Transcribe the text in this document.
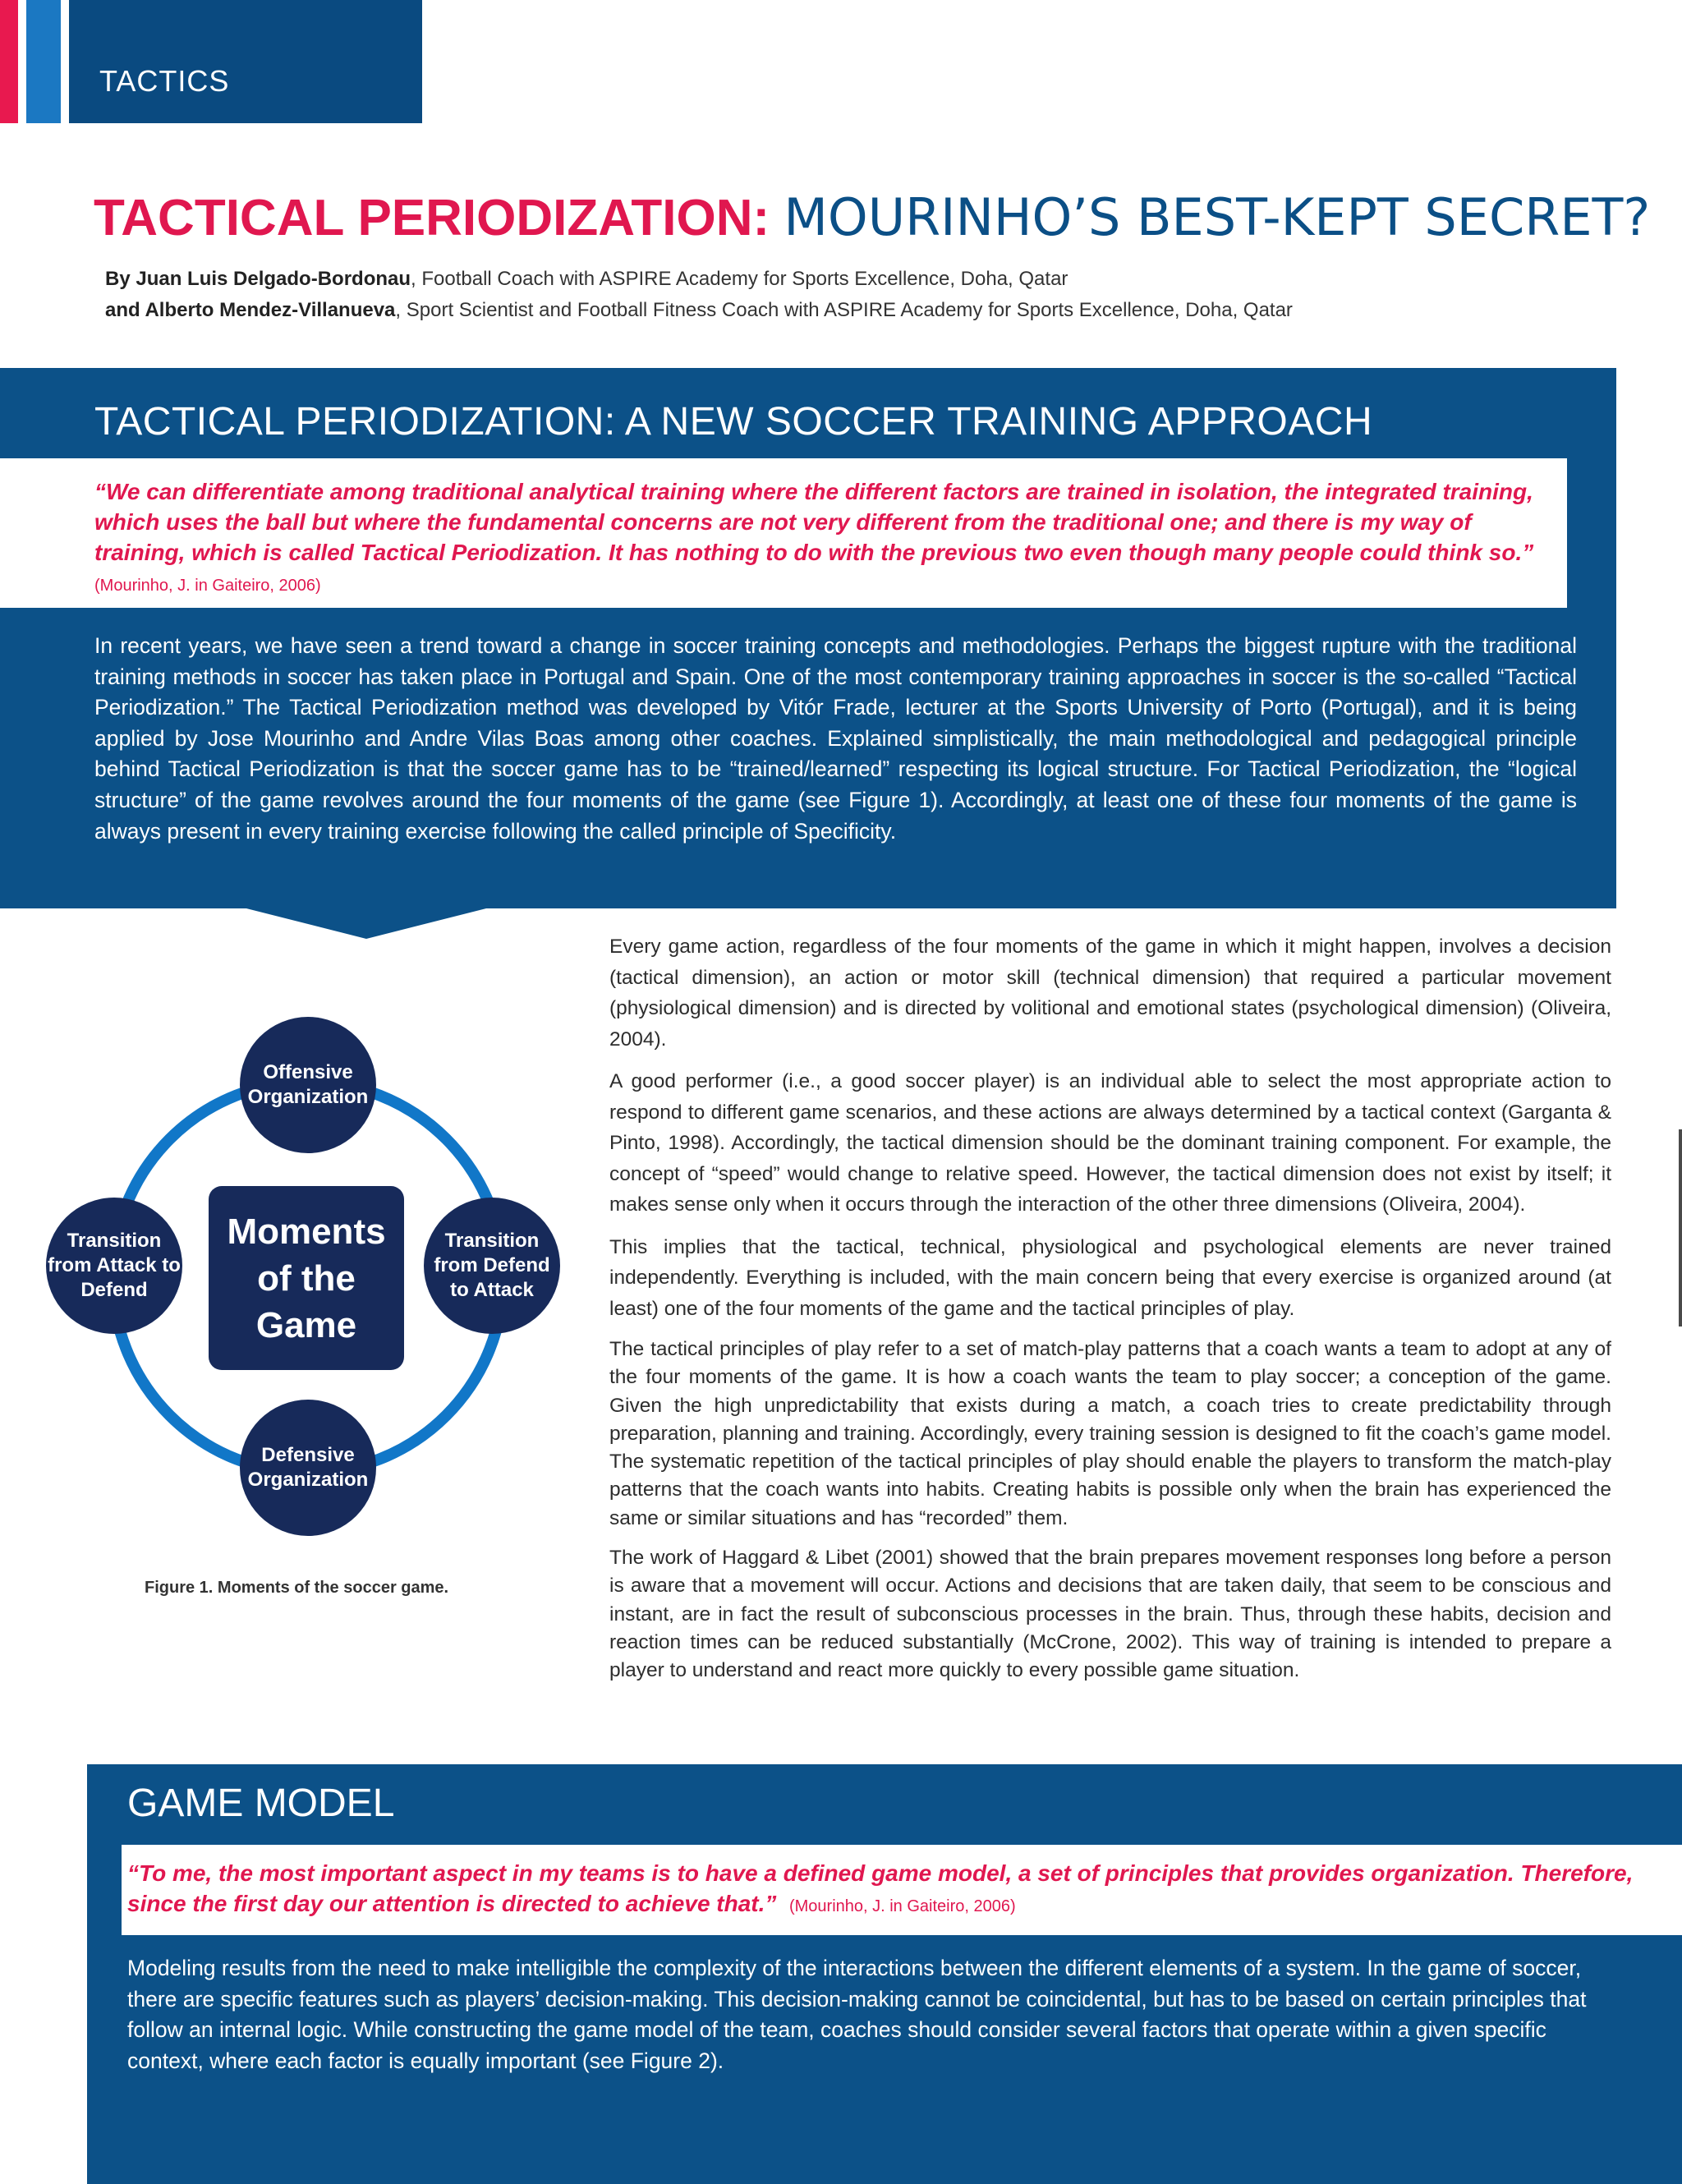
TACTICS
TACTICAL PERIODIZATION: MOURINHO’S BEST-KEPT SECRET?
By Juan Luis Delgado-Bordonau, Football Coach with ASPIRE Academy for Sports Excellence, Doha, Qatar
and Alberto Mendez-Villanueva, Sport Scientist and Football Fitness Coach with ASPIRE Academy for Sports Excellence, Doha, Qatar
TACTICAL PERIODIZATION: A NEW SOCCER TRAINING APPROACH
“We can differentiate among traditional analytical training where the different factors are trained in isolation, the integrated training, which uses the ball but where the fundamental concerns are not very different from the traditional one; and there is my way of training, which is called Tactical Periodization. It has nothing to do with the previous two even though many people could think so.”  (Mourinho, J. in Gaiteiro, 2006)
In recent years, we have seen a trend toward a change in soccer training concepts and methodologies. Perhaps the biggest rupture with the traditional training methods in soccer has taken place in Portugal and Spain. One of the most contemporary training approaches in soccer is the so-called “Tactical Periodization.” The Tactical Periodization method was developed by Vitór Frade, lecturer at the Sports University of Porto (Portugal), and it is being applied by Jose Mourinho and Andre Vilas Boas among other coaches. Explained simplistically, the main methodological and pedagogical principle behind Tactical Periodization is that the soccer game has to be “trained/learned” respecting its logical structure. For Tactical Periodization, the “logical structure” of the game revolves around the four moments of the game (see Figure 1). Accordingly, at least one of these four moments of the game is always present in every training exercise following the called principle of Specificity.
Offensive Organization
Transition from Defend to Attack
Defensive Organization
Transition from Attack to Defend
Moments of the Game
Figure 1. Moments of the soccer game.

Every game action, regardless of the four moments of the game in which it might happen, involves a decision (tactical dimension), an action or motor skill (technical dimension) that required a particular movement (physiological dimension) and is directed by volitional and emotional states (psychological dimension) (Oliveira, 2004).

A good performer (i.e., a good soccer player) is an individual able to select the most appropriate action to respond to different game scenarios, and these actions are always determined by a tactical context (Garganta & Pinto, 1998). Accordingly, the tactical dimension should be the dominant training component. For example, the concept of “speed” would change to relative speed. However, the tactical dimension does not exist by itself; it makes sense only when it occurs through the interaction of the other three dimensions (Oliveira, 2004).

This implies that the tactical, technical, physiological and psychological elements are never trained independently. Everything is included, with the main concern being that every exercise is organized around (at least) one of the four moments of the game and the tactical principles of play.

The tactical principles of play refer to a set of match-play patterns that a coach wants a team to adopt at any of the four moments of the game. It is how a coach wants the team to play soccer; a conception of the game. Given the high unpredictability that exists during a match, a coach tries to create predictability through preparation, planning and training. Accordingly, every training session is designed to fit the coach’s game model. The systematic repetition of the tactical principles of play should enable the players to transform the match-play patterns that the coach wants into habits. Creating habits is possible only when the brain has experienced the same or similar situations and has “recorded” them.

The work of Haggard & Libet (2001) showed that the brain prepares movement responses long before a person is aware that a movement will occur. Actions and decisions that are taken daily, that seem to be conscious and instant, are in fact the result of subconscious processes in the brain. Thus, through these habits, decision and reaction times can be reduced substantially (McCrone, 2002). This way of training is intended to prepare a player to understand and react more quickly to every possible game situation.

GAME MODEL
“To me, the most important aspect in my teams is to have a defined game model, a set of principles that provides organization. Therefore, since the first day our attention is directed to achieve that.” (Mourinho, J. in Gaiteiro, 2006)
Modeling results from the need to make intelligible the complexity of the interactions between the different elements of a system. In the game of soccer, there are specific features such as players’ decision-making. This decision-making cannot be coincidental, but has to be based on certain principles that follow an internal logic. While constructing the game model of the team, coaches should consider several factors that operate within a given specific context, where each factor is equally important (see Figure 2).
